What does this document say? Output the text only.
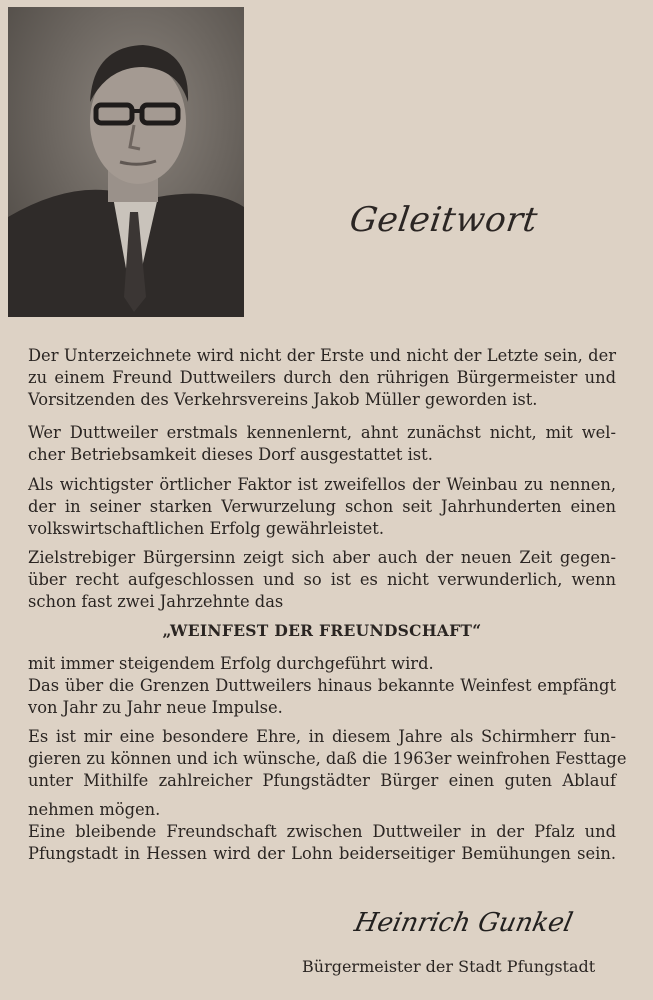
Geleitwort
Der Unterzeichnete wird nicht der Erste und nicht der Letzte sein, der
zu einem Freund Duttweilers durch den rührigen Bürgermeister und
Vorsitzenden des Verkehrsvereins Jakob Müller geworden ist.
Wer Duttweiler erstmals kennenlernt, ahnt zunächst nicht, mit wel-
cher Betriebsamkeit dieses Dorf ausgestattet ist.
Als wichtigster örtlicher Faktor ist zweifellos der Weinbau zu nennen,
der in seiner starken Verwurzelung schon seit Jahrhunderten einen
volkswirtschaftlichen Erfolg gewährleistet.
Zielstrebiger Bürgersinn zeigt sich aber auch der neuen Zeit gegen-
über recht aufgeschlossen und so ist es nicht verwunderlich, wenn
schon fast zwei Jahrzehnte das
„WEINFEST DER FREUNDSCHAFT“
mit immer steigendem Erfolg durchgeführt wird.
Das über die Grenzen Duttweilers hinaus bekannte Weinfest empfängt
von Jahr zu Jahr neue Impulse.
Es ist mir eine besondere Ehre, in diesem Jahre als Schirmherr fun-
gieren zu können und ich wünsche, daß die 1963er weinfrohen Festtage
unter Mithilfe zahlreicher Pfungstädter Bürger einen guten Ablauf
nehmen mögen.
Eine bleibende Freundschaft zwischen Duttweiler in der Pfalz und
Pfungstadt in Hessen wird der Lohn beiderseitiger Bemühungen sein.
Heinrich Gunkel
Bürgermeister der Stadt Pfungstadt
